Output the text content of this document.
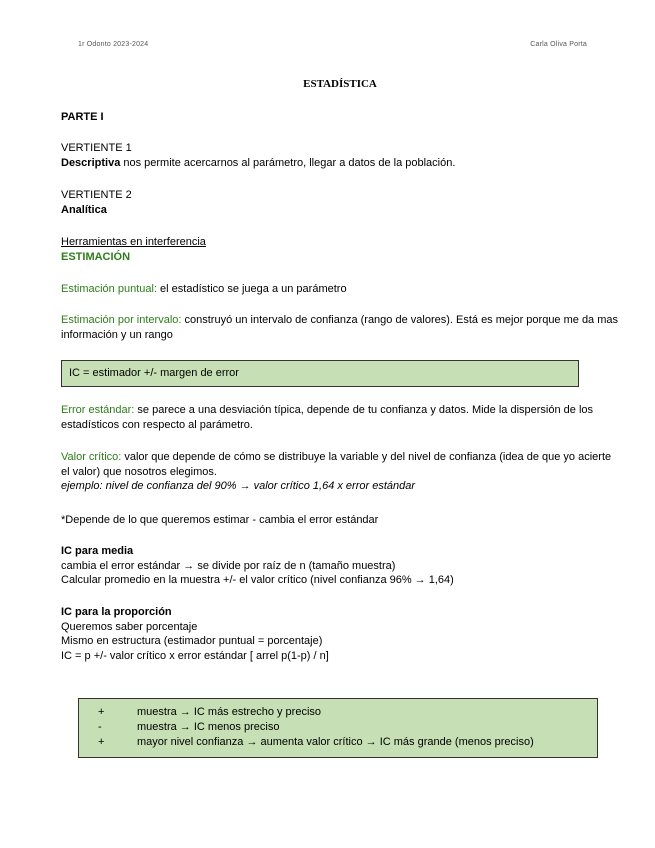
1r Odonto 2023-2024	Carla Oliva Porta
ESTADÍSTICA
PARTE I
VERTIENTE 1
Descriptiva nos permite acercarnos al parámetro, llegar a datos de la población.
VERTIENTE 2
Analítica
Herramientas en interferencia
ESTIMACIÓN
Estimación puntual: el estadístico se juega a un parámetro
Estimación por intervalo: construyó un intervalo de confianza (rango de valores). Está es mejor porque me da mas información y un rango
IC = estimador +/- margen de error
Error estándar: se parece a una desviación típica, depende de tu confianza y datos. Mide la dispersión de los estadísticos con respecto al parámetro.
Valor crítico: valor que depende de cómo se distribuye la variable y del nivel de confianza (idea de que yo acierte el valor) que nosotros elegimos.
ejemplo: nivel de confianza del 90% → valor crítico 1,64 x error estándar
*Depende de lo que queremos estimar - cambia el error estándar
IC para media
cambia el error estándar → se divide por raíz de n (tamaño muestra)
Calcular promedio en la muestra +/- el valor crítico (nivel confianza 96% → 1,64)
IC para la proporción
Queremos saber porcentaje
Mismo en estructura (estimador puntual = porcentaje)
IC = p +/- valor crítico x error estándar [ arrel p(1-p) / n]
+	muestra → IC más estrecho y preciso
-	muestra → IC menos preciso
+	mayor nivel confianza → aumenta valor crítico → IC más grande (menos preciso)
